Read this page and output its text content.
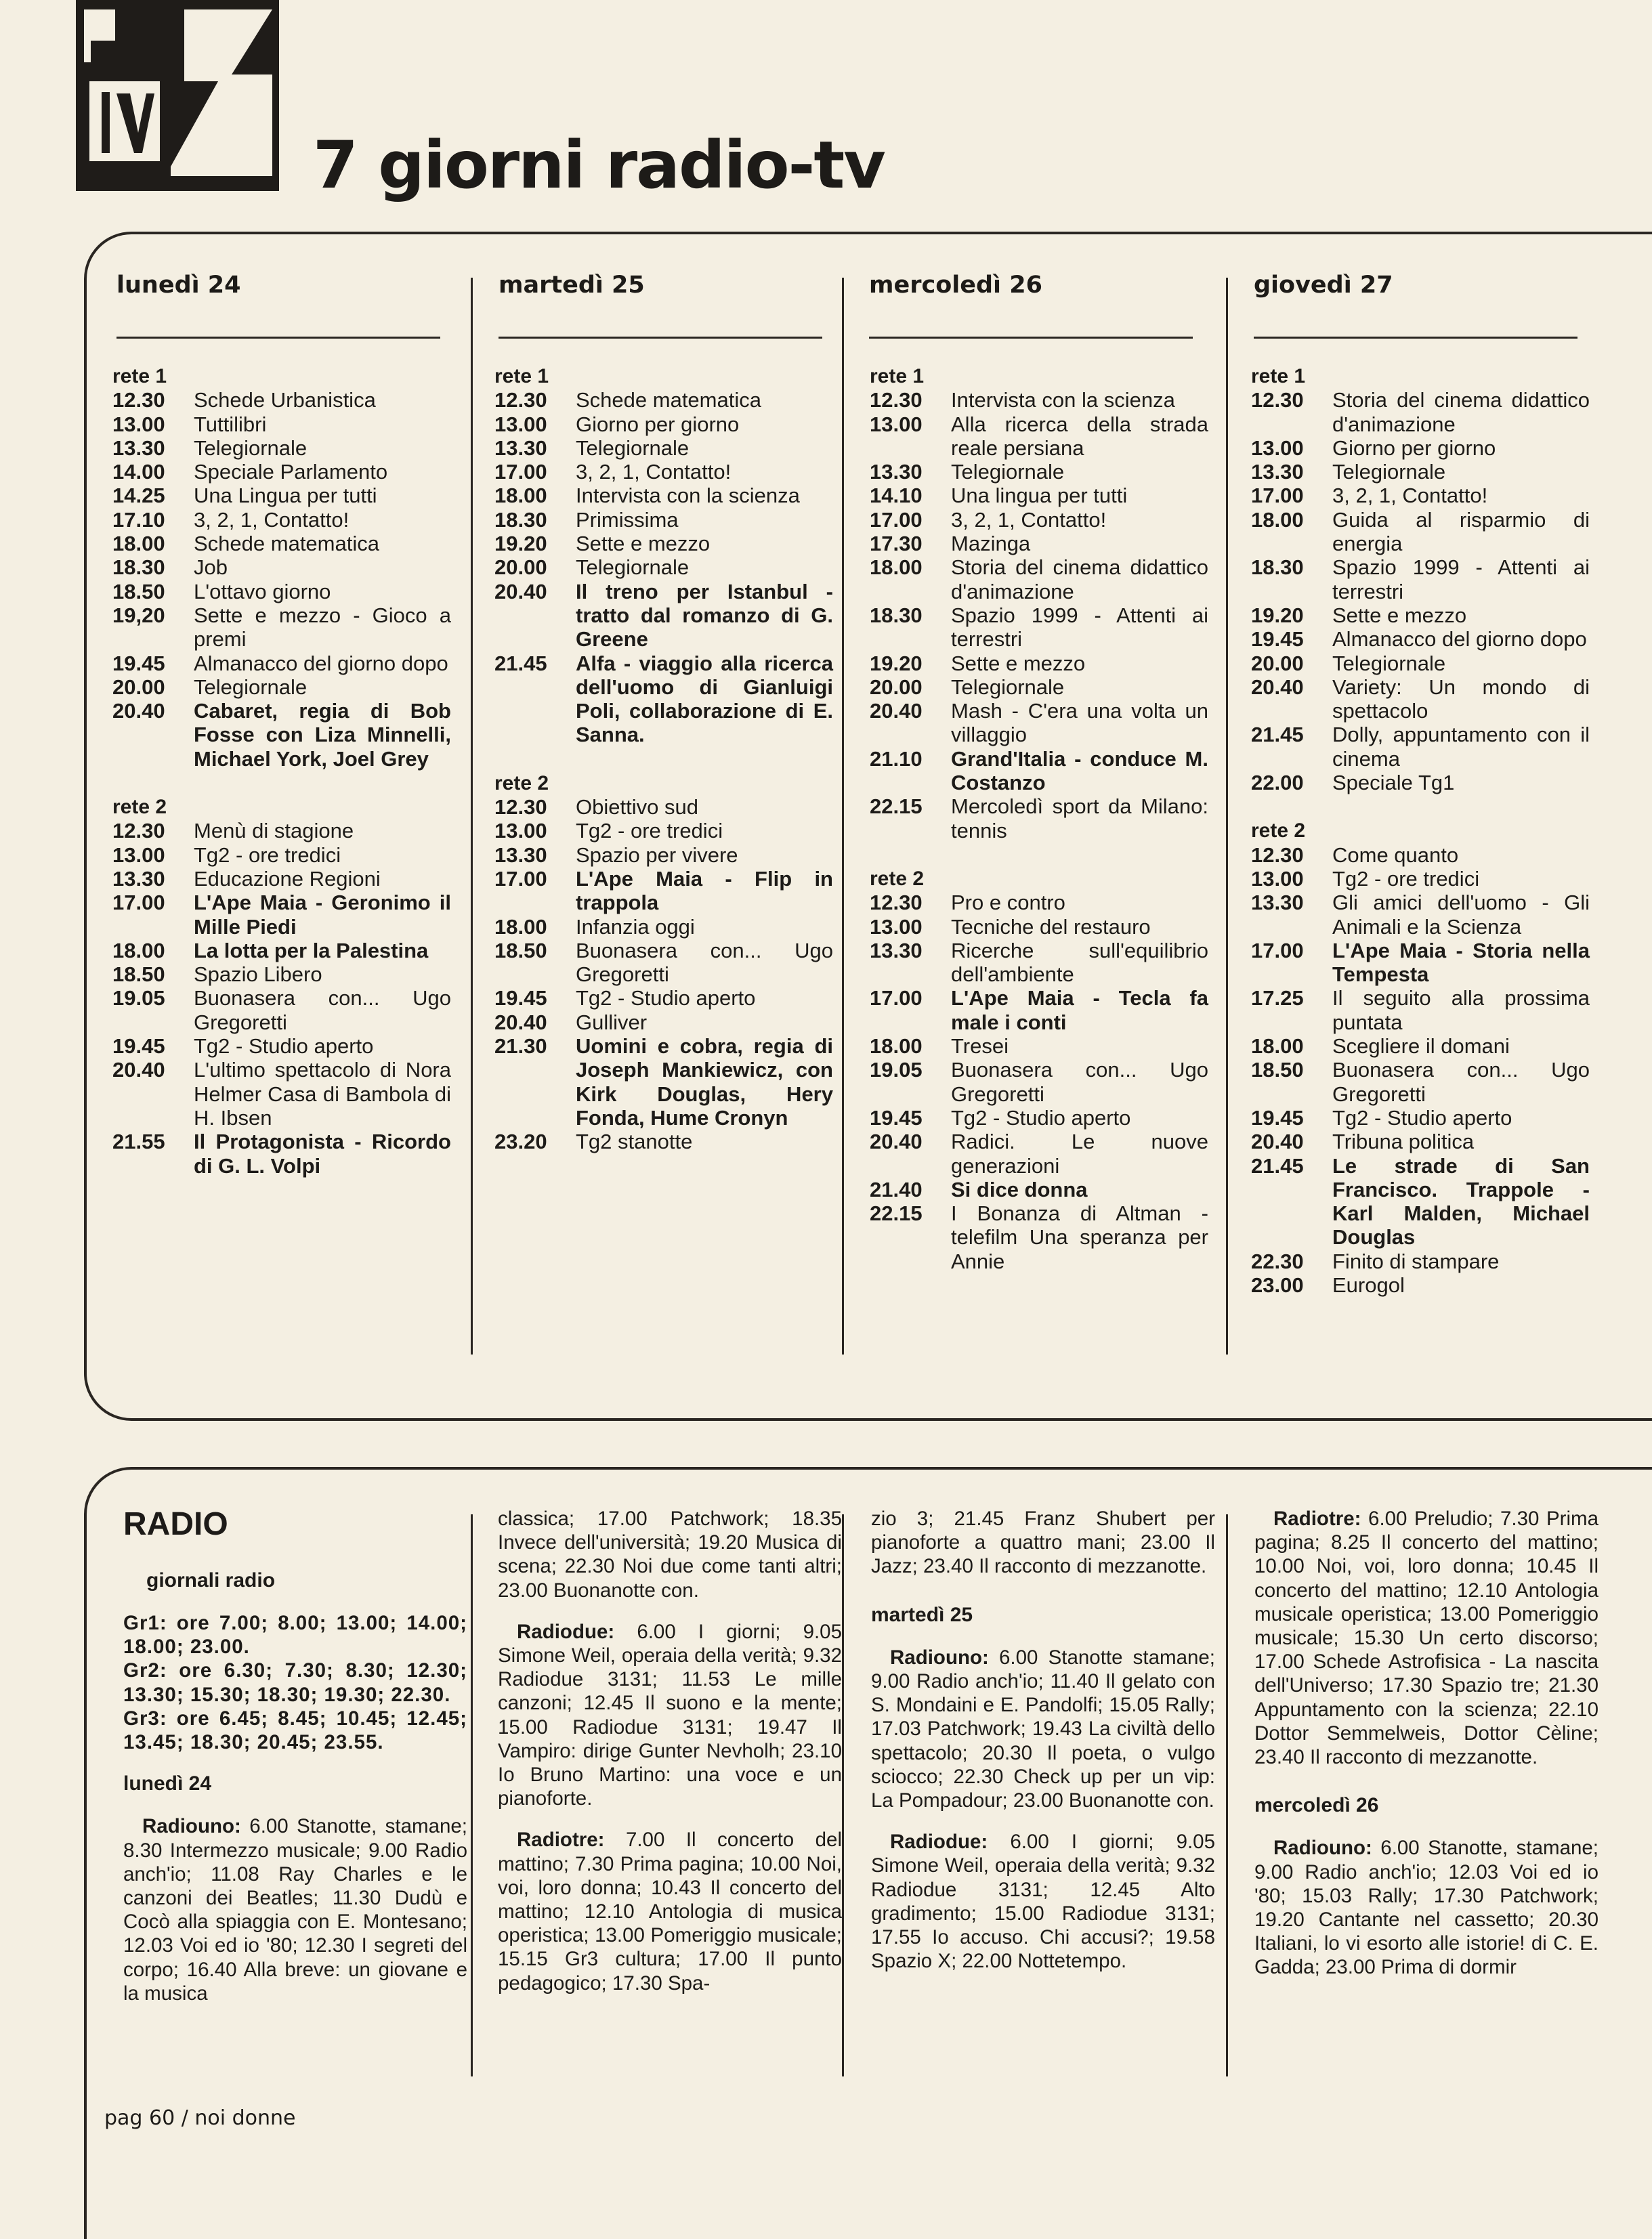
7 giorni radio-tv
lunedì 24	martedì 25	mercoledì 26	giovedì 27
rete 1
12.30	Schede Urbanistica
13.00	Tuttilibri
13.30	Telegiornale
14.00	Speciale Parlamento
14.25	Una Lingua per tutti
17.10	3, 2, 1, Contatto!
18.00	Schede matematica
18.30	Job
18.50	L'ottavo giorno
19,20	Sette e mezzo - Gioco a premi
19.45	Almanacco del giorno dopo
20.00	Telegiornale
20.40	Cabaret, regia di Bob Fosse con Liza Minnelli, Michael York, Joel Grey
rete 2
12.30	Menù di stagione
13.00	Tg2 - ore tredici
13.30	Educazione Regioni
17.00	L'Ape Maia - Geronimo il Mille Piedi
18.00	La lotta per la Palestina
18.50	Spazio Libero
19.05	Buonasera con... Ugo Gregoretti
19.45	Tg2 - Studio aperto
20.40	L'ultimo spettacolo di Nora Helmer Casa di Bambola di H. Ibsen
21.55	Il Protagonista - Ricordo di G. L. Volpi
rete 1
12.30	Schede matematica
13.00	Giorno per giorno
13.30	Telegiornale
17.00	3, 2, 1, Contatto!
18.00	Intervista con la scienza
18.30	Primissima
19.20	Sette e mezzo
20.00	Telegiornale
20.40	Il treno per Istanbul - tratto dal romanzo di G. Greene
21.45	Alfa - viaggio alla ricerca dell'uomo di Gianluigi Poli, collaborazione di E. Sanna.
rete 2
12.30	Obiettivo sud
13.00	Tg2 - ore tredici
13.30	Spazio per vivere
17.00	L'Ape Maia - Flip in trappola
18.00	Infanzia oggi
18.50	Buonasera con... Ugo Gregoretti
19.45	Tg2 - Studio aperto
20.40	Gulliver
21.30	Uomini e cobra, regia di Joseph Mankiewicz, con Kirk Douglas, Hery Fonda, Hume Cronyn
23.20	Tg2 stanotte
rete 1
12.30	Intervista con la scienza
13.00	Alla ricerca della strada reale persiana
13.30	Telegiornale
14.10	Una lingua per tutti
17.00	3, 2, 1, Contatto!
17.30	Mazinga
18.00	Storia del cinema didattico d'animazione
18.30	Spazio 1999 - Attenti ai terrestri
19.20	Sette e mezzo
20.00	Telegiornale
20.40	Mash - C'era una volta un villaggio
21.10	Grand'Italia - conduce M. Costanzo
22.15	Mercoledì sport da Milano: tennis
rete 2
12.30	Pro e contro
13.00	Tecniche del restauro
13.30	Ricerche sull'equilibrio dell'ambiente
17.00	L'Ape Maia - Tecla fa male i conti
18.00	Tresei
19.05	Buonasera con... Ugo Gregoretti
19.45	Tg2 - Studio aperto
20.40	Radici. Le nuove generazioni
21.40	Si dice donna
22.15	I Bonanza di Altman - telefilm Una speranza per Annie
rete 1
12.30	Storia del cinema didattico d'animazione
13.00	Giorno per giorno
13.30	Telegiornale
17.00	3, 2, 1, Contatto!
18.00	Guida al risparmio di energia
18.30	Spazio 1999 - Attenti ai terrestri
19.20	Sette e mezzo
19.45	Almanacco del giorno dopo
20.00	Telegiornale
20.40	Variety: Un mondo di spettacolo
21.45	Dolly, appuntamento con il cinema
22.00	Speciale Tg1
rete 2
12.30	Come quanto
13.00	Tg2 - ore tredici
13.30	Gli amici dell'uomo - Gli Animali e la Scienza
17.00	L'Ape Maia - Storia nella Tempesta
17.25	Il seguito alla prossima puntata
18.00	Scegliere il domani
18.50	Buonasera con... Ugo Gregoretti
19.45	Tg2 - Studio aperto
20.40	Tribuna politica
21.45	Le strade di San Francisco. Trappole - Karl Malden, Michael Douglas
22.30	Finito di stampare
23.00	Eurogol
RADIO
giornali radio

Gr1: ore 7.00; 8.00; 13.00; 14.00; 18.00; 23.00.

Gr2: ore 6.30; 7.30; 8.30; 12.30; 13.30; 15.30; 18.30; 19.30; 22.30.

Gr3: ore 6.45; 8.45; 10.45; 12.45; 13.45; 18.30; 20.45; 23.55.

lunedì 24

Radiouno: 6.00 Stanotte, stamane; 8.30 Intermezzo musicale; 9.00 Radio anch'io; 11.08 Ray Charles e le canzoni dei Beatles; 11.30 Dudù e Cocò alla spiaggia con E. Montesano; 12.03 Voi ed io '80; 12.30 I segreti del corpo; 16.40 Alla breve: un giovane e la musica

classica; 17.00 Patchwork; 18.35 Invece dell'università; 19.20 Musica di scena; 22.30 Noi due come tanti altri; 23.00 Buonanotte con.

Radiodue: 6.00 I giorni; 9.05 Simone Weil, operaia della verità; 9.32 Radiodue 3131; 11.53 Le mille canzoni; 12.45 Il suono e la mente; 15.00 Radiodue 3131; 19.47 Il Vampiro: dirige Gunter Nevholh; 23.10 Io Bruno Martino: una voce e un pianoforte.

Radiotre: 7.00 Il concerto del mattino; 7.30 Prima pagina; 10.00 Noi, voi, loro donna; 10.43 Il concerto del mattino; 12.10 Antologia di musica operistica; 13.00 Pomeriggio musicale; 15.15 Gr3 cultura; 17.00 Il punto pedagogico; 17.30 Spa-

zio 3; 21.45 Franz Shubert per pianoforte a quattro mani; 23.00 Il Jazz; 23.40 Il racconto di mezzanotte.

martedì 25

Radiouno: 6.00 Stanotte stamane; 9.00 Radio anch'io; 11.40 Il gelato con S. Mondaini e E. Pandolfi; 15.05 Rally; 17.03 Patchwork; 19.43 La civiltà dello spettacolo; 20.30 Il poeta, o vulgo sciocco; 22.30 Check up per un vip: La Pompadour; 23.00 Buonanotte con.

Radiodue: 6.00 I giorni; 9.05 Simone Weil, operaia della verità; 9.32 Radiodue 3131; 12.45 Alto gradimento; 15.00 Radiodue 3131; 17.55 Io accuso. Chi accusi?; 19.58 Spazio X; 22.00 Nottetempo.

Radiotre: 6.00 Preludio; 7.30 Prima pagina; 8.25 Il concerto del mattino; 10.00 Noi, voi, loro donna; 10.45 Il concerto del mattino; 12.10 Antologia musicale operistica; 13.00 Pomeriggio musicale; 15.30 Un certo discorso; 17.00 Schede Astrofisica - La nascita dell'Universo; 17.30 Spazio tre; 21.30 Appuntamento con la scienza; 22.10 Dottor Semmelweis, Dottor Cèline; 23.40 Il racconto di mezzanotte.

mercoledì 26

Radiouno: 6.00 Stanotte, stamane; 9.00 Radio anch'io; 12.03 Voi ed io '80; 15.03 Rally; 17.30 Patchwork; 19.20 Cantante nel cassetto; 20.30 Italiani, lo vi esorto alle istorie! di C. E. Gadda; 23.00 Prima di dormir

pag 60 / noi donne
